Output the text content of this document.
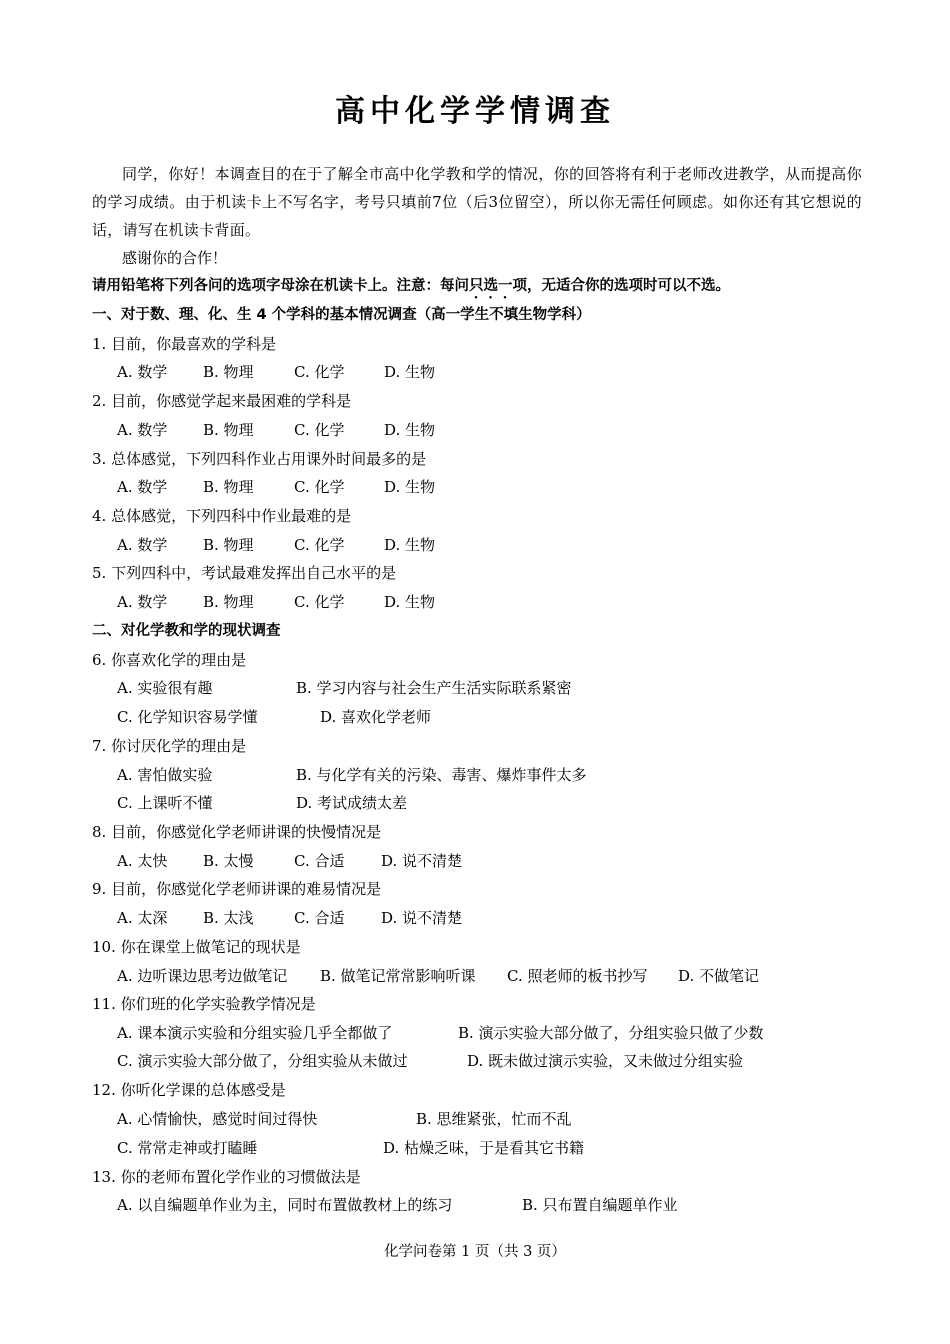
高中化学学情调查
同学，你好！本调查目的在于了解全市高中化学教和学的情况，你的回答将有利于老师改进教学，从而提高你的学习成绩。由于机读卡上不写名字，考号只填前7位（后3位留空），所以你无需任何顾虑。如你还有其它想说的话，请写在机读卡背面。
感谢你的合作！
请用铅笔将下列各问的选项字母涂在机读卡上。注意：每问只选一项，无适合你的选项时可以不选。
一、对于数、理、化、生 4 个学科的基本情况调查（高一学生不填生物学科）
1. 目前，你最喜欢的学科是
A. 数学 B. 物理	C. 化学	D. 生物
2. 目前，你感觉学起来最困难的学科是
A. 数学 B. 物理	C. 化学	D. 生物
3. 总体感觉，下列四科作业占用课外时间最多的是
A. 数学 B. 物理	C. 化学	D. 生物
4. 总体感觉，下列四科中作业最难的是
A. 数学 B. 物理	C. 化学	D. 生物
5. 下列四科中，考试最难发挥出自己水平的是
A. 数学 B. 物理	C. 化学	D. 生物
二、对化学教和学的现状调查
6. 你喜欢化学的理由是
A. 实验很有趣	B. 学习内容与社会生产生活实际联系紧密
C. 化学知识容易学懂	D. 喜欢化学老师
7. 你讨厌化学的理由是
A. 害怕做实验	B. 与化学有关的污染、毒害、爆炸事件太多
C. 上课听不懂	D. 考试成绩太差
8. 目前，你感觉化学老师讲课的快慢情况是
A. 太快 B. 太慢	C. 合适 D. 说不清楚
9. 目前，你感觉化学老师讲课的难易情况是
A. 太深 B. 太浅	C. 合适 D. 说不清楚
10. 你在课堂上做笔记的现状是
A. 边听课边思考边做笔记 B. 做笔记常常影响听课 C. 照老师的板书抄写 D. 不做笔记
11. 你们班的化学实验教学情况是
A. 课本演示实验和分组实验几乎全都做了	B. 演示实验大部分做了，分组实验只做了少数
C. 演示实验大部分做了，分组实验从未做过	D. 既未做过演示实验，又未做过分组实验
12. 你听化学课的总体感受是
A. 心情愉快，感觉时间过得快	B. 思维紧张，忙而不乱
C. 常常走神或打瞌睡	D. 枯燥乏味，于是看其它书籍
13. 你的老师布置化学作业的习惯做法是
A. 以自编题单作业为主，同时布置做教材上的练习	B. 只布置自编题单作业
化学问卷第 1 页（共 3 页）
